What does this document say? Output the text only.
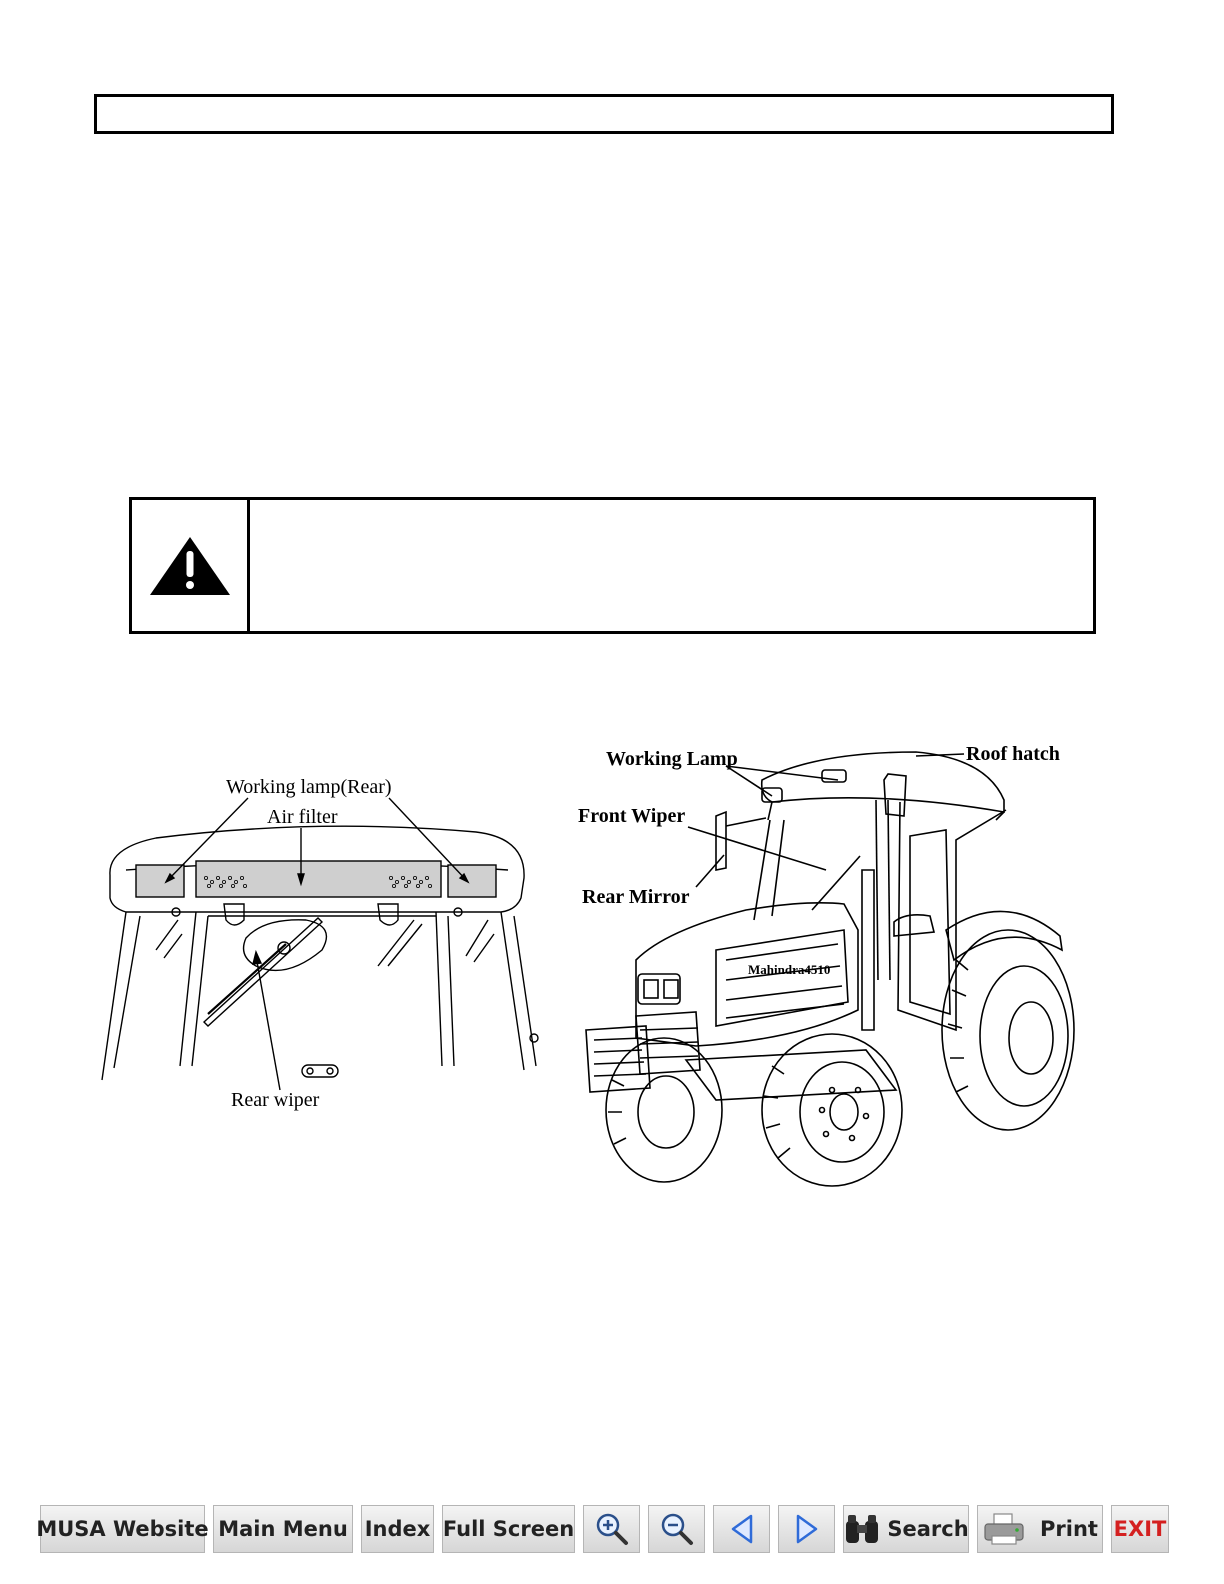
Working lamp(Rear)
Air filter
Rear wiper
Working Lamp	Roof hatch
Front Wiper
Rear Mirror
Mahindra4510
MUSA Website Main Menu Index Full Screen	Search	Print EXIT
